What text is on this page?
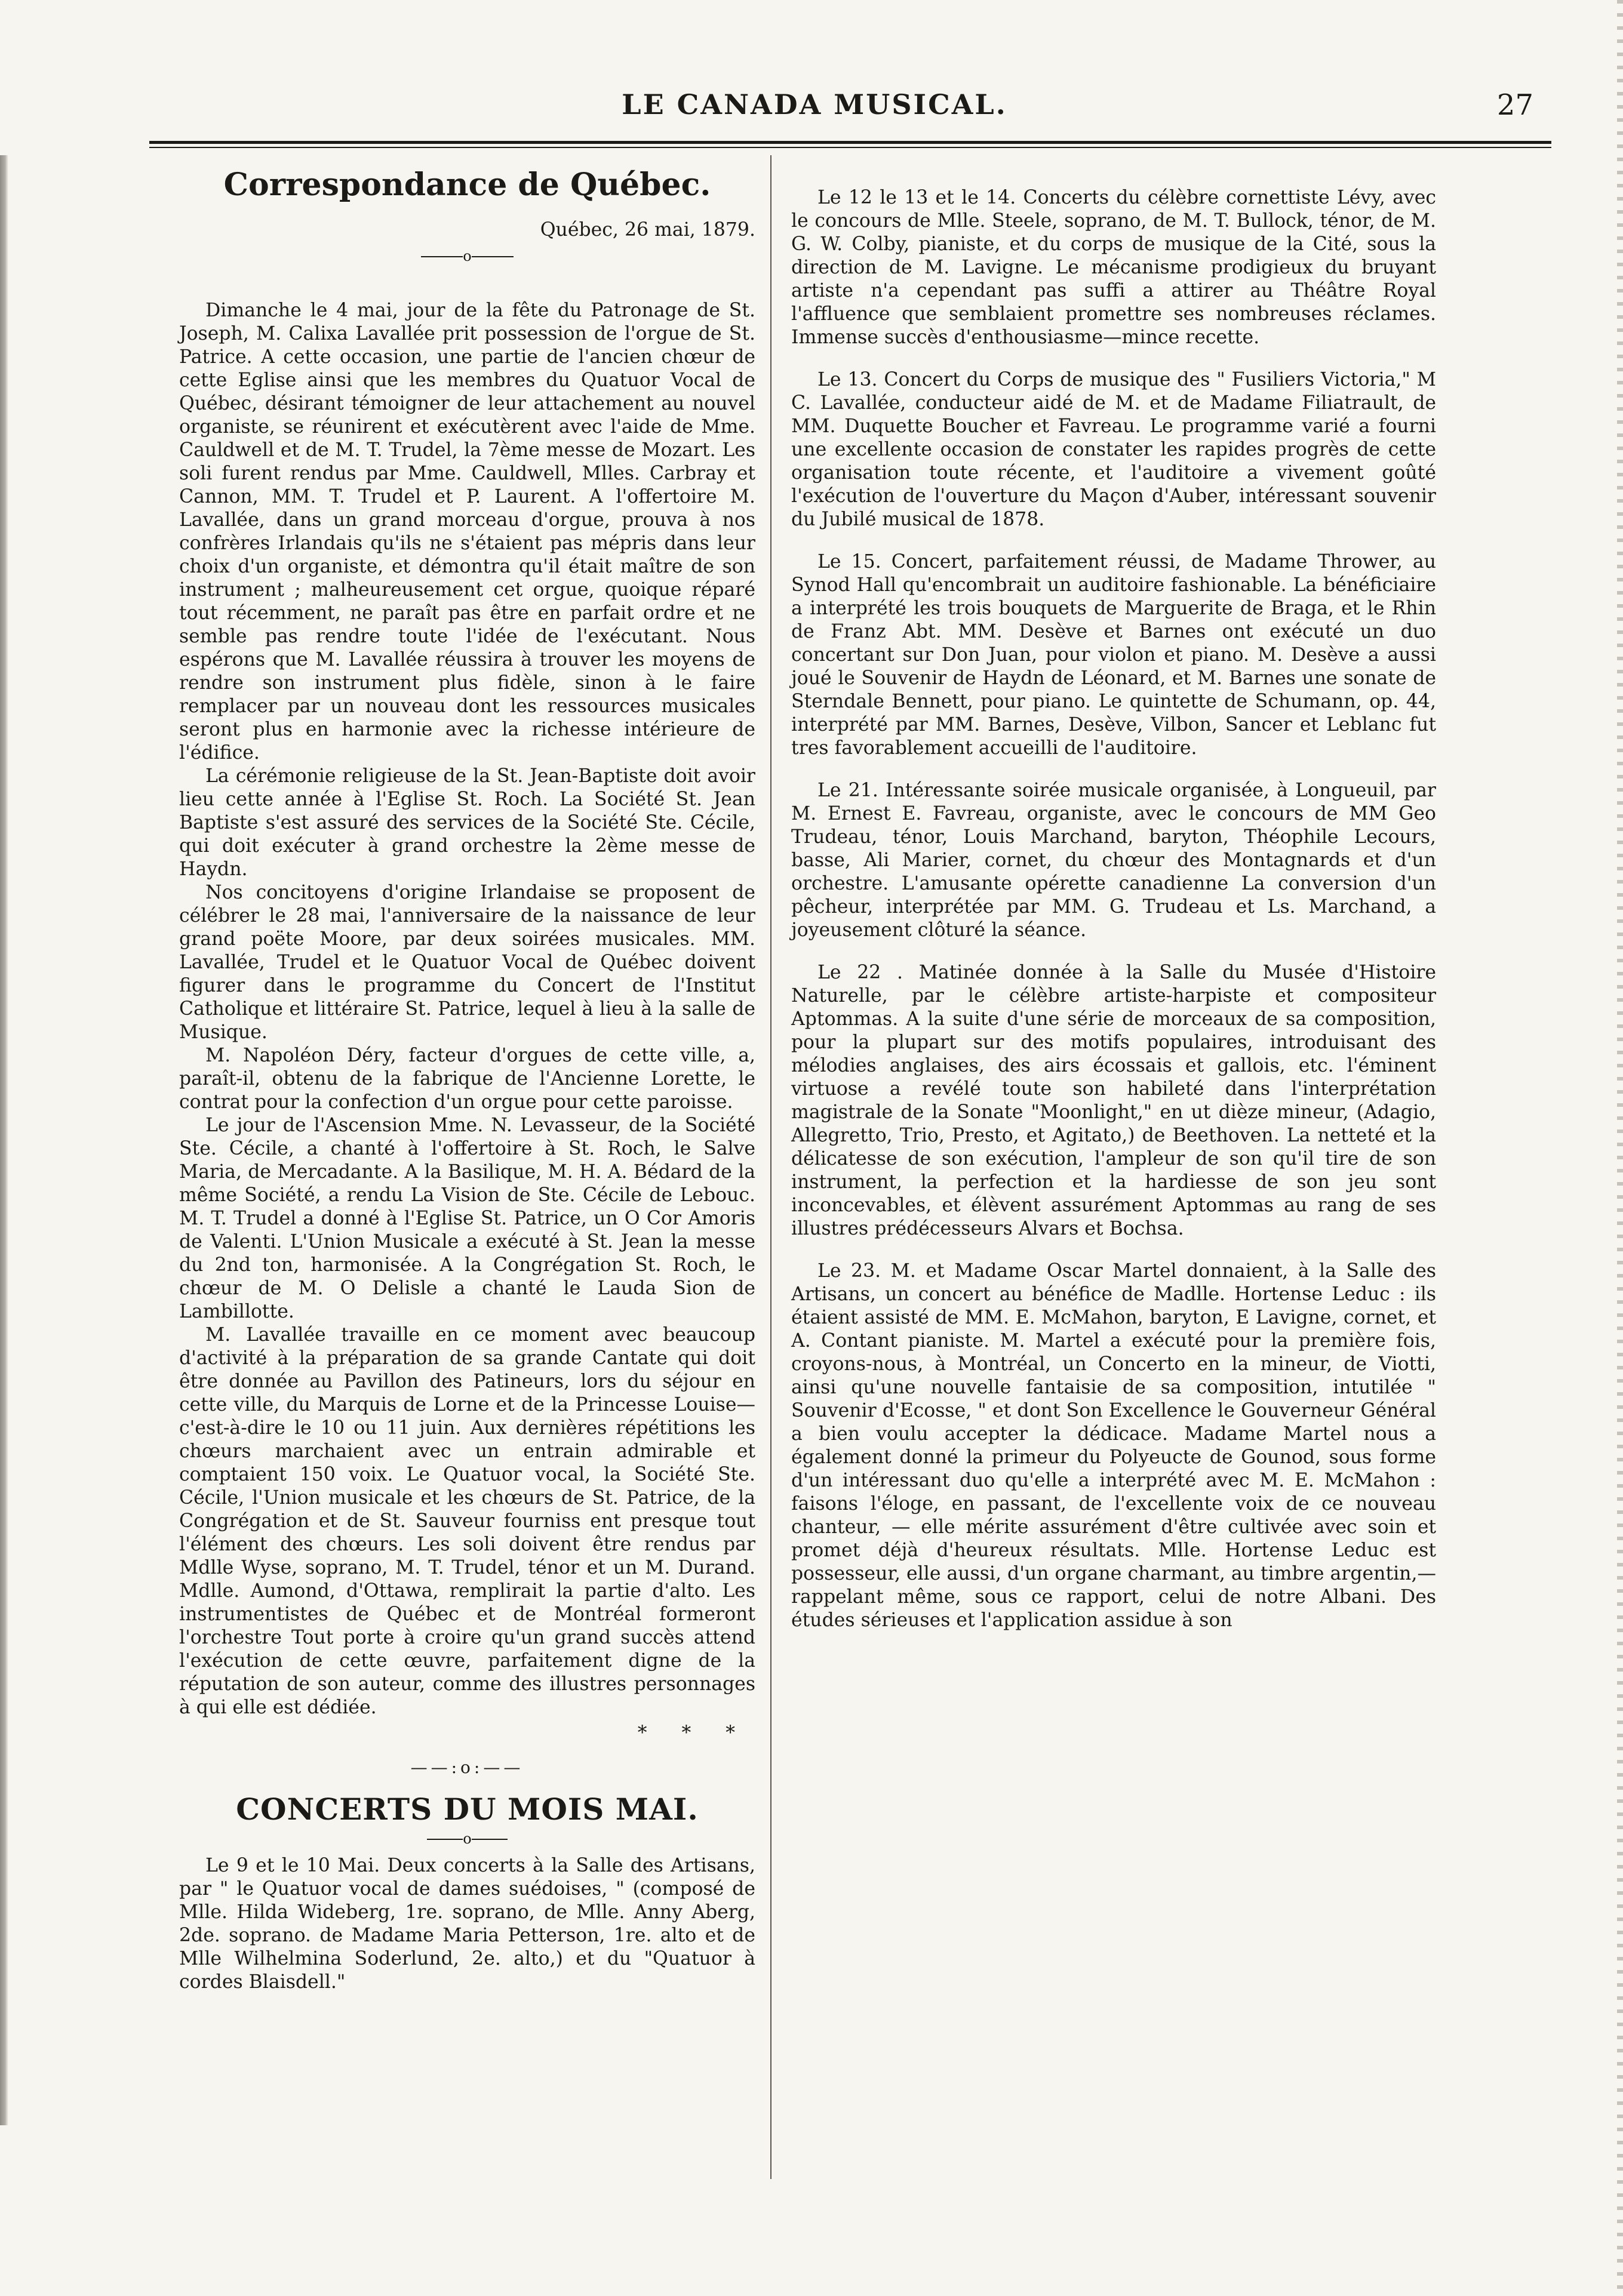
LE CANADA MUSICAL.	27
Correspondance de Québec.

Québec, 26 mai, 1879.

o

Dimanche le 4 mai, jour de la fête du Patronage de St. Joseph, M. Calixa Lavallée prit possession de l'orgue de St. Patrice. A cette occasion, une partie de l'ancien chœur de cette Eglise ainsi que les membres du Quatuor Vocal de Québec, désirant témoigner de leur attachement au nouvel organiste, se réunirent et exécutèrent avec l'aide de Mme. Cauldwell et de M. T. Trudel, la 7ème messe de Mozart. Les soli furent rendus par Mme. Cauldwell, Mlles. Carbray et Cannon, MM. T. Trudel et P. Laurent. A l'offertoire M. Lavallée, dans un grand morceau d'orgue, prouva à nos confrères Irlandais qu'ils ne s'étaient pas mépris dans leur choix d'un organiste, et démontra qu'il était maître de son instrument ; malheureusement cet orgue, quoique réparé tout récemment, ne paraît pas être en parfait ordre et ne semble pas rendre toute l'idée de l'exécutant. Nous espérons que M. Lavallée réussira à trouver les moyens de rendre son instrument plus fidèle, sinon à le faire remplacer par un nouveau dont les ressources musicales seront plus en harmonie avec la richesse intérieure de l'édifice.

La cérémonie religieuse de la St. Jean-Baptiste doit avoir lieu cette année à l'Eglise St. Roch. La Société St. Jean Baptiste s'est assuré des services de la Société Ste. Cécile, qui doit exécuter à grand orchestre la 2ème messe de Haydn.

Nos concitoyens d'origine Irlandaise se proposent de célébrer le 28 mai, l'anniversaire de la naissance de leur grand poëte Moore, par deux soirées musicales. MM. Lavallée, Trudel et le Quatuor Vocal de Québec doivent figurer dans le programme du Concert de l'Institut Catholique et littéraire St. Patrice, lequel à lieu à la salle de Musique.

M. Napoléon Déry, facteur d'orgues de cette ville, a, paraît-il, obtenu de la fabrique de l'Ancienne Lorette, le contrat pour la confection d'un orgue pour cette paroisse.

Le jour de l'Ascension Mme. N. Levasseur, de la Société Ste. Cécile, a chanté à l'offertoire à St. Roch, le Salve Maria, de Mercadante. A la Basilique, M. H. A. Bédard de la même Société, a rendu La Vision de Ste. Cécile de Lebouc. M. T. Trudel a donné à l'Eglise St. Patrice, un O Cor Amoris de Valenti. L'Union Musicale a exécuté à St. Jean la messe du 2nd ton, harmonisée. A la Congrégation St. Roch, le chœur de M. O Delisle a chanté le Lauda Sion de Lambillotte.

M. Lavallée travaille en ce moment avec beaucoup d'activité à la préparation de sa grande Cantate qui doit être donnée au Pavillon des Patineurs, lors du séjour en cette ville, du Marquis de Lorne et de la Princesse Louise—c'est-à-dire le 10 ou 11 juin. Aux dernières répétitions les chœurs marchaient avec un entrain admirable et comptaient 150 voix. Le Quatuor vocal, la Société Ste. Cécile, l'Union musicale et les chœurs de St. Patrice, de la Congrégation et de St. Sauveur fourniss ent presque tout l'élément des chœurs. Les soli doivent être rendus par Mdlle Wyse, soprano, M. T. Trudel, ténor et un M. Durand. Mdlle. Aumond, d'Ottawa, remplirait la partie d'alto. Les instrumentistes de Québec et de Montréal formeront l'orchestre Tout porte à croire qu'un grand succès attend l'exécution de cette œuvre, parfaitement digne de la réputation de son auteur, comme des illustres personnages à qui elle est dédiée.

* * *

——:o:——
CONCERTS DU MOIS MAI.
o

Le 9 et le 10 Mai. Deux concerts à la Salle des Artisans, par " le Quatuor vocal de dames suédoises, " (composé de Mlle. Hilda Wideberg, 1re. soprano, de Mlle. Anny Aberg, 2de. soprano. de Madame Maria Petterson, 1re. alto et de Mlle Wilhelmina Soderlund, 2e. alto,) et du "Quatuor à cordes Blaisdell."

Le 12 le 13 et le 14. Concerts du célèbre cornettiste Lévy, avec le concours de Mlle. Steele, soprano, de M. T. Bullock, ténor, de M. G. W. Colby, pianiste, et du corps de musique de la Cité, sous la direction de M. Lavigne. Le mécanisme prodigieux du bruyant artiste n'a cependant pas suffi a attirer au Théâtre Royal l'affluence que semblaient promettre ses nombreuses réclames. Immense succès d'enthousiasme—mince recette.

Le 13. Concert du Corps de musique des " Fusiliers Victoria," M C. Lavallée, conducteur aidé de M. et de Madame Filiatrault, de MM. Duquette Boucher et Favreau. Le programme varié a fourni une excellente occasion de constater les rapides progrès de cette organisation toute récente, et l'auditoire a vivement goûté l'exécution de l'ouverture du Maçon d'Auber, intéressant souvenir du Jubilé musical de 1878.

Le 15. Concert, parfaitement réussi, de Madame Thrower, au Synod Hall qu'encombrait un auditoire fashionable. La bénéficiaire a interprété les trois bouquets de Marguerite de Braga, et le Rhin de Franz Abt. MM. Desève et Barnes ont exécuté un duo concertant sur Don Juan, pour violon et piano. M. Desève a aussi joué le Souvenir de Haydn de Léonard, et M. Barnes une sonate de Sterndale Bennett, pour piano. Le quintette de Schumann, op. 44, interprété par MM. Barnes, Desève, Vilbon, Sancer et Leblanc fut tres favorablement accueilli de l'auditoire.

Le 21. Intéressante soirée musicale organisée, à Longueuil, par M. Ernest E. Favreau, organiste, avec le concours de MM Geo Trudeau, ténor, Louis Marchand, baryton, Théophile Lecours, basse, Ali Marier, cornet, du chœur des Montagnards et d'un orchestre. L'amusante opérette canadienne La conversion d'un pêcheur, interprétée par MM. G. Trudeau et Ls. Marchand, a joyeusement clôturé la séance.

Le 22 . Matinée donnée à la Salle du Musée d'Histoire Naturelle, par le célèbre artiste-harpiste et compositeur Aptommas. A la suite d'une série de morceaux de sa composition, pour la plupart sur des motifs populaires, introduisant des mélodies anglaises, des airs écossais et gallois, etc. l'éminent virtuose a revélé toute son habileté dans l'interprétation magistrale de la Sonate "Moonlight," en ut dièze mineur, (Adagio, Allegretto, Trio, Presto, et Agitato,) de Beethoven. La netteté et la délicatesse de son exécution, l'ampleur de son qu'il tire de son instrument, la perfection et la hardiesse de son jeu sont inconcevables, et élèvent assurément Aptommas au rang de ses illustres prédécesseurs Alvars et Bochsa.

Le 23. M. et Madame Oscar Martel donnaient, à la Salle des Artisans, un concert au bénéfice de Madlle. Hortense Leduc : ils étaient assisté de MM. E. McMahon, baryton, E Lavigne, cornet, et A. Contant pianiste. M. Martel a exécuté pour la première fois, croyons-nous, à Montréal, un Concerto en la mineur, de Viotti, ainsi qu'une nouvelle fantaisie de sa composition, intutilée " Souvenir d'Ecosse, " et dont Son Excellence le Gouverneur Général a bien voulu accepter la dédicace. Madame Martel nous a également donné la primeur du Polyeucte de Gounod, sous forme d'un intéressant duo qu'elle a interprété avec M. E. McMahon : faisons l'éloge, en passant, de l'excellente voix de ce nouveau chanteur, — elle mérite assurément d'être cultivée avec soin et promet déjà d'heureux résultats. Mlle. Hortense Leduc est possesseur, elle aussi, d'un organe charmant, au timbre argentin,—rappelant même, sous ce rapport, celui de notre Albani. Des études sérieuses et l'application assidue à son
